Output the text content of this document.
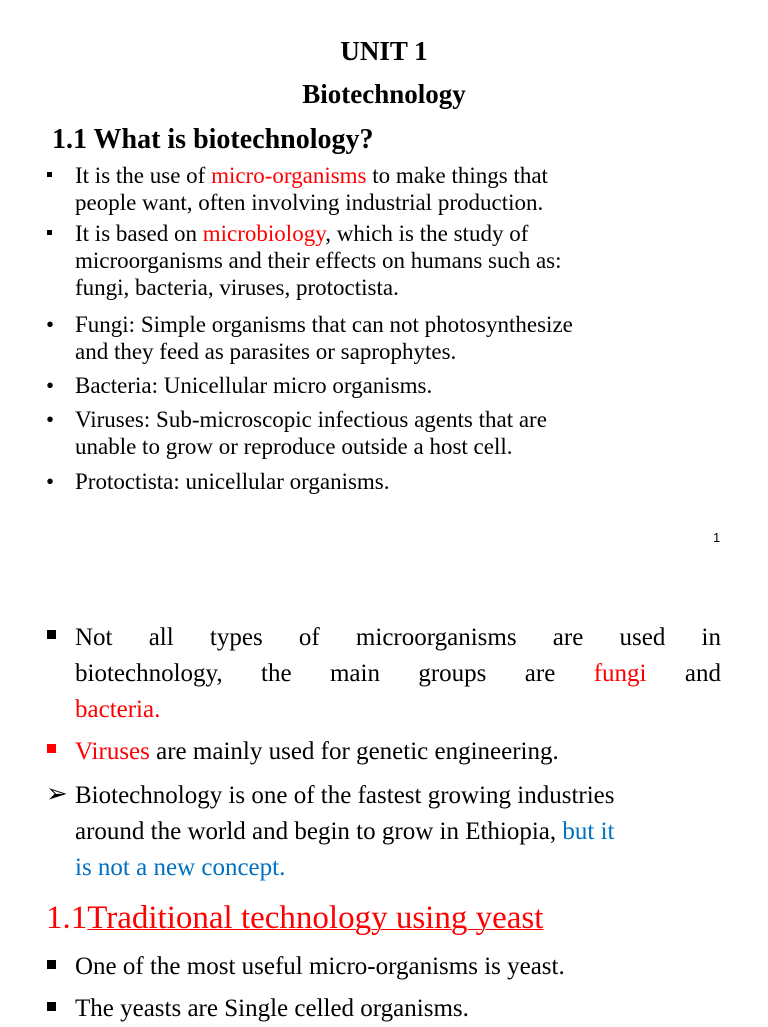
UNIT 1
Biotechnology
1.1 What is biotechnology?
It is the use of micro-organisms to make things that
people want, often involving industrial production.
It is based on microbiology, which is the study of
microorganisms and their effects on humans such as:
fungi, bacteria, viruses, protoctista.
• Fungi: Simple organisms that can not photosynthesize
and they feed as parasites or saprophytes.
• Bacteria: Unicellular micro organisms.
• Viruses: Sub-microscopic infectious agents that are
unable to grow or reproduce outside a host cell.
• Protoctista: unicellular organisms.
1
Not all types of microorganisms are used in
biotechnology, the main groups are fungi and
bacteria.
Viruses are mainly used for genetic engineering.
➢ Biotechnology is one of the fastest growing industries
around the world and begin to grow in Ethiopia, but it
is not a new concept.
1.1Traditional technology using yeast
One of the most useful micro-organisms is yeast.
The yeasts are Single celled organisms.
